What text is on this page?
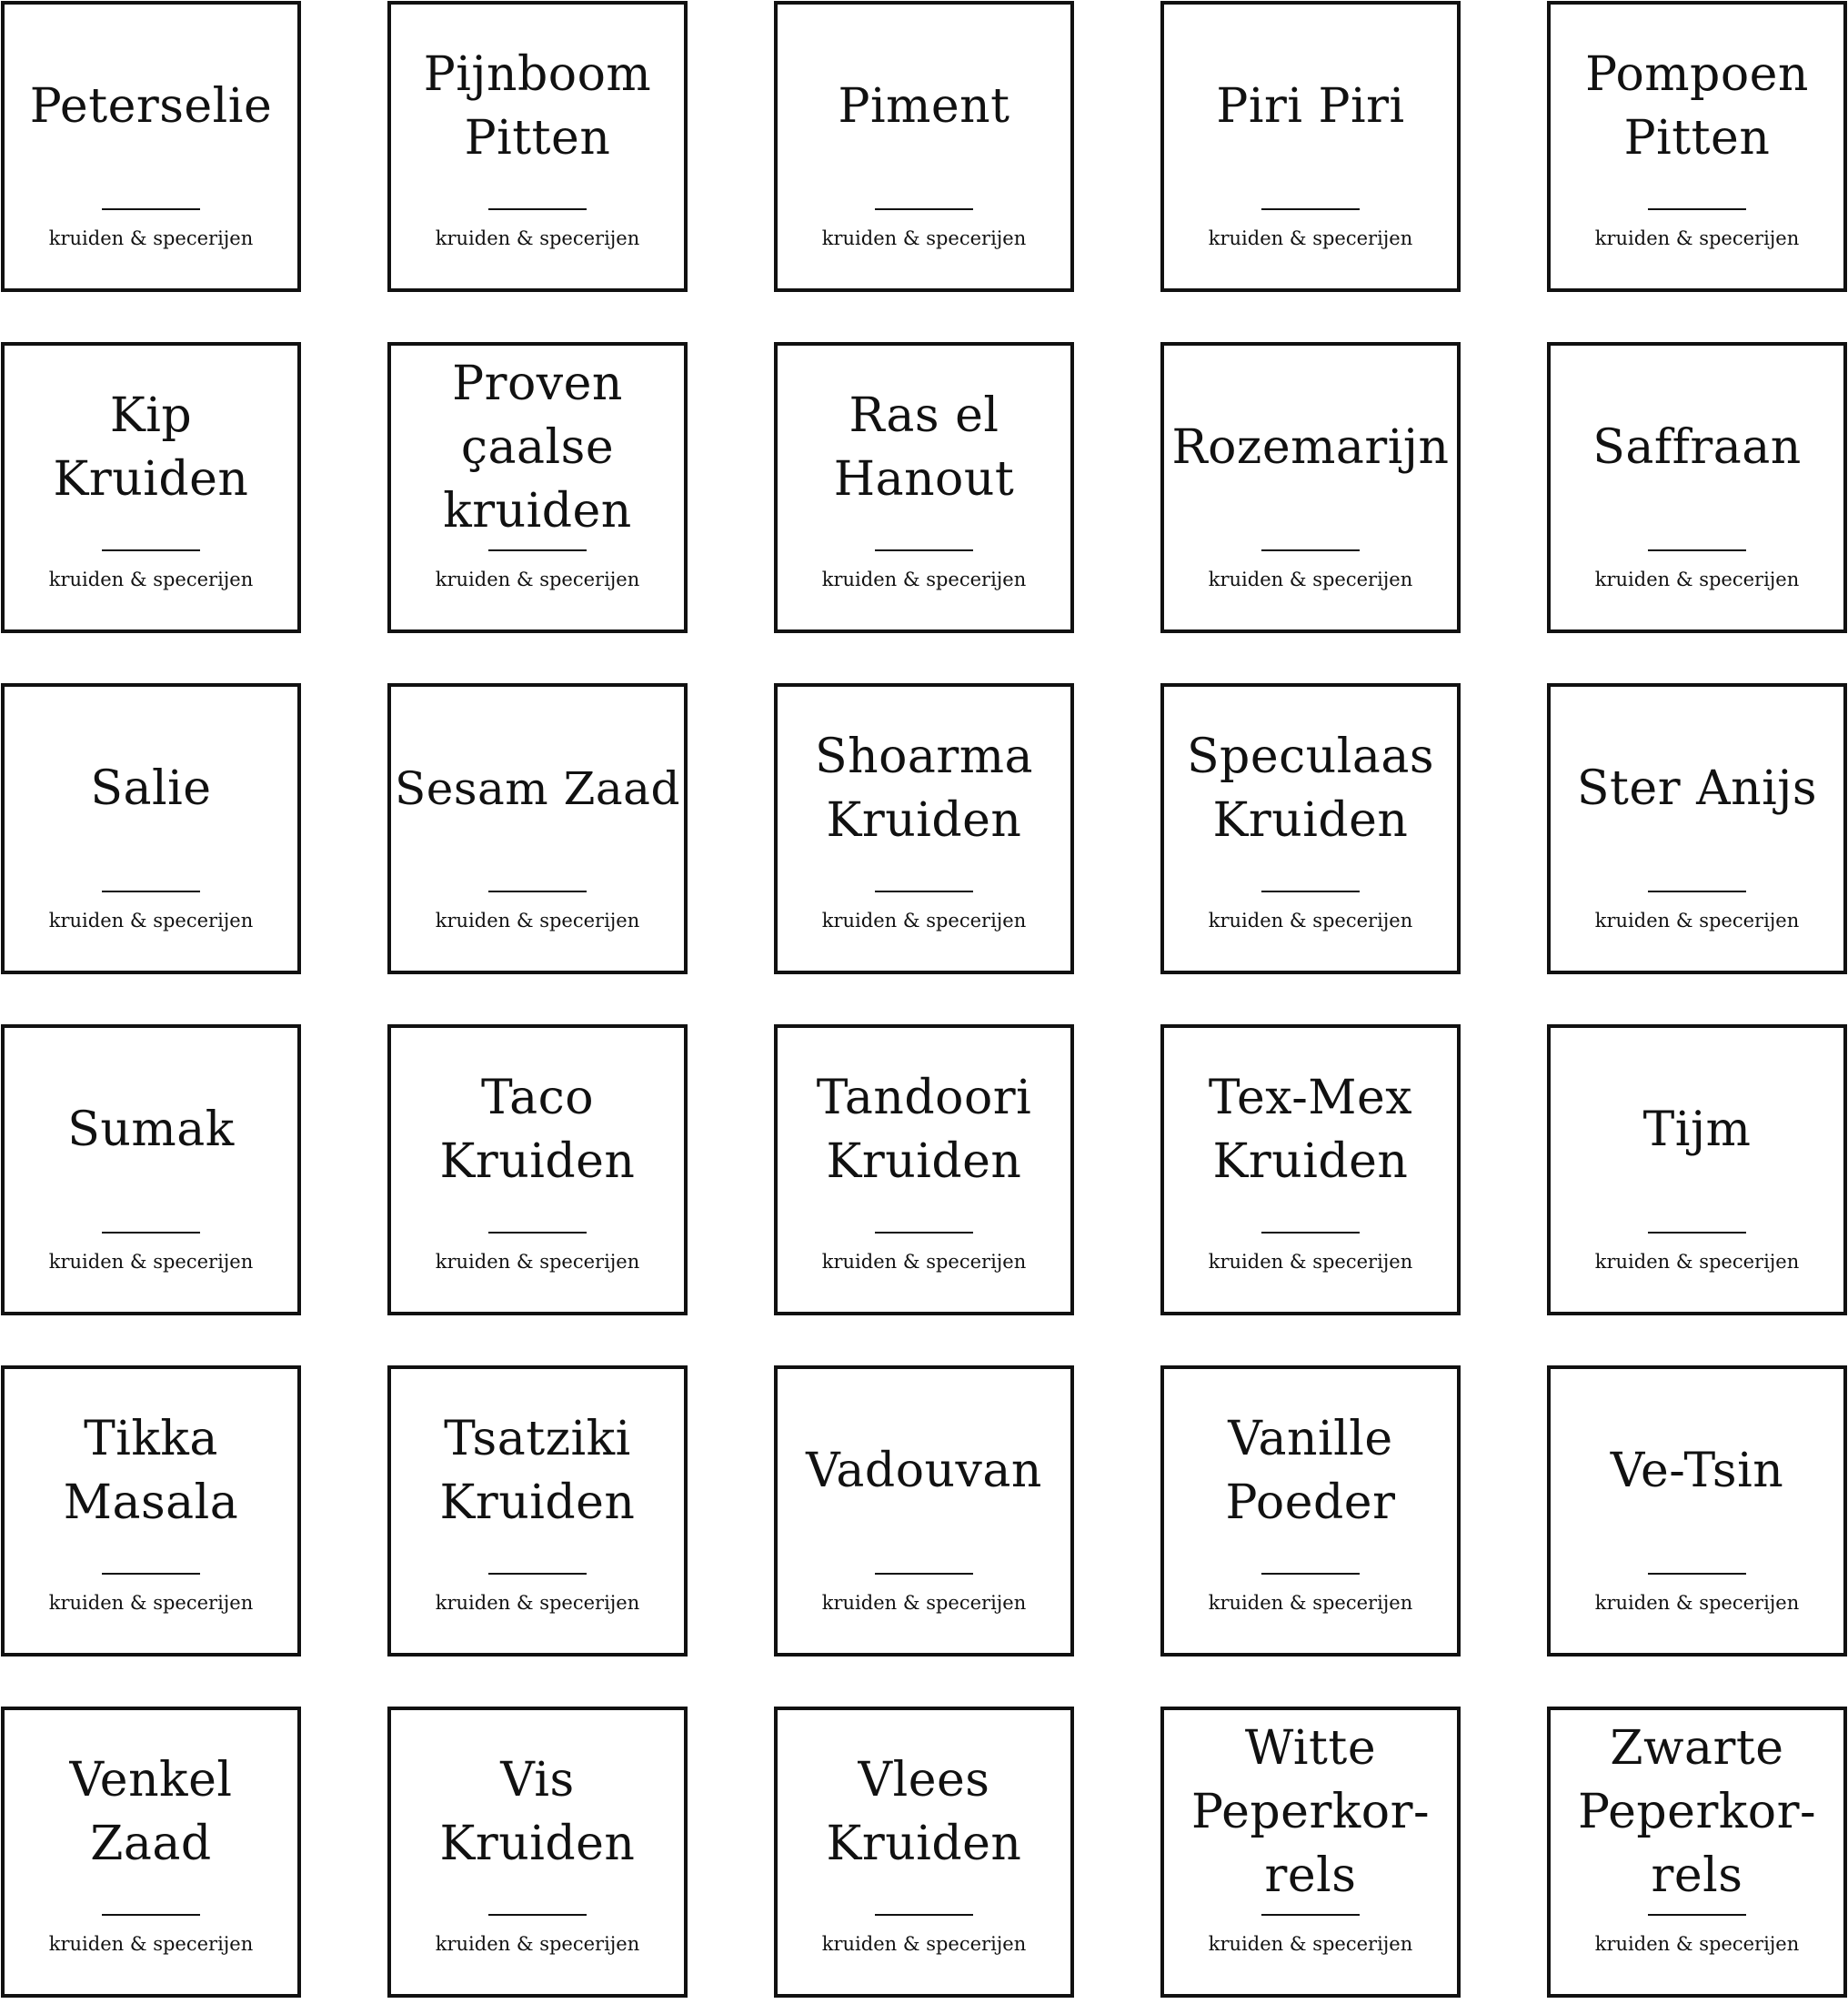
Peterselie
kruiden & specerijen
Pijnboom
Pitten
kruiden & specerijen
Piment
kruiden & specerijen
Piri Piri
kruiden & specerijen
Pompoen
Pitten
kruiden & specerijen
Kip
Kruiden
kruiden & specerijen
Proven
çaalse
kruiden
kruiden & specerijen
Ras el
Hanout
kruiden & specerijen
Rozemarijn
kruiden & specerijen
Saffraan
kruiden & specerijen
Salie
kruiden & specerijen
Sesam Zaad
kruiden & specerijen
Shoarma
Kruiden
kruiden & specerijen
Speculaas
Kruiden
kruiden & specerijen
Ster Anijs
kruiden & specerijen
Sumak
kruiden & specerijen
Taco
Kruiden
kruiden & specerijen
Tandoori
Kruiden
kruiden & specerijen
Tex-Mex
Kruiden
kruiden & specerijen
Tijm
kruiden & specerijen
Tikka
Masala
kruiden & specerijen
Tsatziki
Kruiden
kruiden & specerijen
Vadouvan
kruiden & specerijen
Vanille
Poeder
kruiden & specerijen
Ve-Tsin
kruiden & specerijen
Venkel
Zaad
kruiden & specerijen
Vis
Kruiden
kruiden & specerijen
Vlees
Kruiden
kruiden & specerijen
Witte
Peperkor-
rels
kruiden & specerijen
Zwarte
Peperkor-
rels
kruiden & specerijen
